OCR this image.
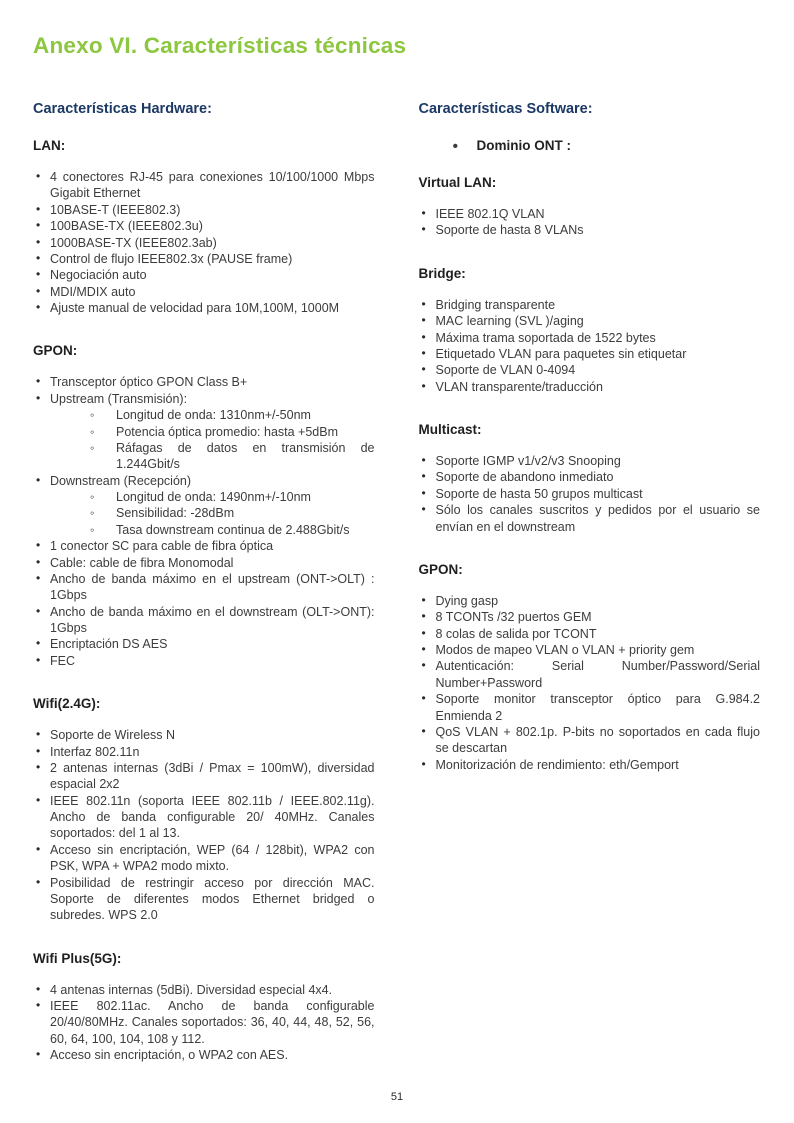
Anexo VI. Características técnicas
Características Hardware:
LAN:
• 4 conectores RJ-45 para conexiones 10/100/1000 Mbps Gigabit Ethernet
• 10BASE-T (IEEE802.3)
• 100BASE-TX (IEEE802.3u)
• 1000BASE-TX (IEEE802.3ab)
• Control de flujo IEEE802.3x (PAUSE frame)
• Negociación auto
• MDI/MDIX auto
• Ajuste manual de velocidad para 10M,100M, 1000M
GPON:
• Transceptor óptico GPON Class B+
• Upstream (Transmisión):
◦	Longitud de onda: 1310nm+/-50nm
◦	Potencia óptica promedio: hasta +5dBm
◦	Ráfagas de datos en transmisión de 1.244Gbit/s
• Downstream (Recepción)
◦	Longitud de onda: 1490nm+/-10nm
◦	Sensibilidad: -28dBm
◦	Tasa downstream continua de 2.488Gbit/s
• 1 conector SC para cable de fibra óptica
• Cable: cable de fibra Monomodal
• Ancho de banda máximo en el upstream (ONT->OLT) : 1Gbps
• Ancho de banda máximo en el downstream (OLT->ONT): 1Gbps
• Encriptación DS AES
• FEC
Wifi(2.4G):
• Soporte de Wireless N
• Interfaz 802.11n
• 2 antenas internas (3dBi / Pmax = 100mW), diversidad espacial 2x2
• IEEE 802.11n (soporta IEEE 802.11b / IEEE.802.11g). Ancho de banda configurable 20/ 40MHz. Canales soportados: del 1 al 13.
• Acceso sin encriptación, WEP (64 / 128bit), WPA2 con PSK, WPA + WPA2 modo mixto.
• Posibilidad de restringir acceso por dirección MAC. Soporte de diferentes modos Ethernet bridged o subredes. WPS 2.0
Wifi Plus(5G):
• 4 antenas internas (5dBi). Diversidad especial 4x4.
• IEEE 802.11ac. Ancho de banda configurable 20/40/80MHz. Canales soportados: 36, 40, 44, 48, 52, 56, 60, 64, 100, 104, 108 y 112.
• Acceso sin encriptación, o WPA2 con AES.
Características Software:
•	Dominio ONT :
Virtual LAN:
• IEEE 802.1Q VLAN
• Soporte de hasta 8 VLANs
Bridge:
• Bridging transparente
• MAC learning (SVL )/aging
• Máxima trama soportada de 1522 bytes
• Etiquetado VLAN para paquetes sin etiquetar
• Soporte de VLAN 0-4094
• VLAN transparente/traducción
Multicast:
• Soporte IGMP v1/v2/v3 Snooping
• Soporte de abandono inmediato
• Soporte de hasta 50 grupos multicast
• Sólo los canales suscritos y pedidos por el usuario se envían en el downstream
GPON:
• Dying gasp
• 8 TCONTs /32 puertos GEM
• 8 colas de salida por TCONT
• Modos de mapeo VLAN o VLAN + priority gem
• Autenticación: Serial Number/Password/Serial Number+Password
• Soporte monitor transceptor óptico para G.984.2 Enmienda 2
• QoS VLAN + 802.1p. P-bits no soportados en cada flujo se descartan
• Monitorización de rendimiento: eth/Gemport
51
